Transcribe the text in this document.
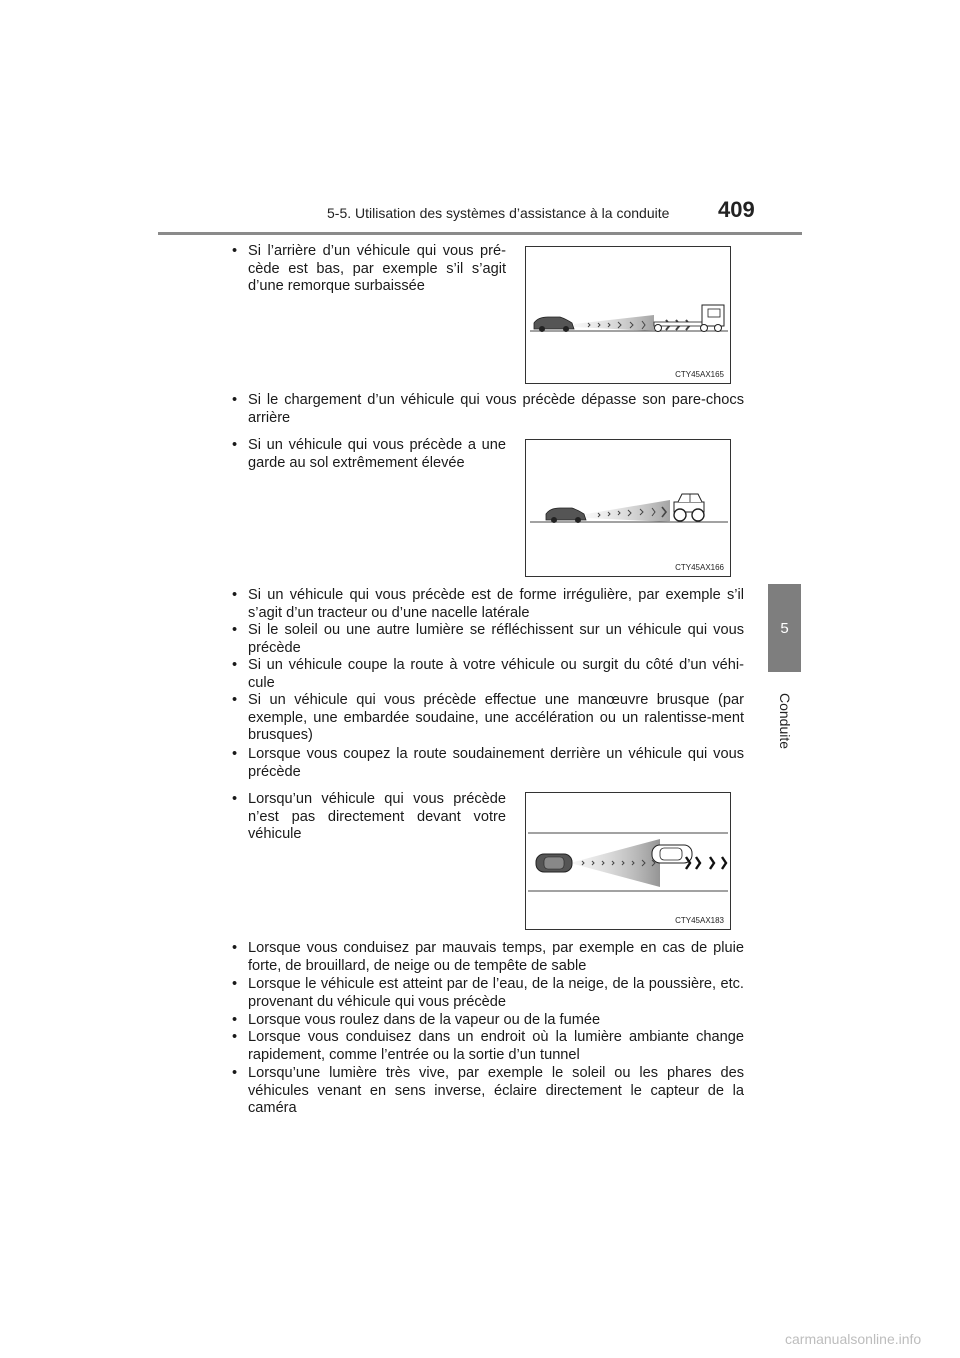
5-5. Utilisation des systèmes d’assistance à la conduite 409
5
Conduite
• Si l’arrière d’un véhicule qui vous pré-cède est bas, par exemple s’il s’agit d’une remorque surbaissée
CTY45AX165
• Si le chargement d’un véhicule qui vous précède dépasse son pare-chocs arrière
• Si un véhicule qui vous précède a une garde au sol extrêmement élevée
CTY45AX166
• Si un véhicule qui vous précède est de forme irrégulière, par exemple s’il s’agit d’un tracteur ou d’une nacelle latérale
• Si le soleil ou une autre lumière se réfléchissent sur un véhicule qui vous précède
• Si un véhicule coupe la route à votre véhicule ou surgit du côté d’un véhi-cule
• Si un véhicule qui vous précède effectue une manœuvre brusque (par exemple, une embardée soudaine, une accélération ou un ralentisse-ment brusques)
• Lorsque vous coupez la route soudainement derrière un véhicule qui vous précède
• Lorsqu’un véhicule qui vous précède n’est pas directement devant votre véhicule
CTY45AX183
• Lorsque vous conduisez par mauvais temps, par exemple en cas de pluie forte, de brouillard, de neige ou de tempête de sable
• Lorsque le véhicule est atteint par de l’eau, de la neige, de la poussière, etc. provenant du véhicule qui vous précède
• Lorsque vous roulez dans de la vapeur ou de la fumée
• Lorsque vous conduisez dans un endroit où la lumière ambiante change rapidement, comme l’entrée ou la sortie d’un tunnel
• Lorsqu’une lumière très vive, par exemple le soleil ou les phares des véhicules venant en sens inverse, éclaire directement le capteur de la caméra
carmanualsonline.info
